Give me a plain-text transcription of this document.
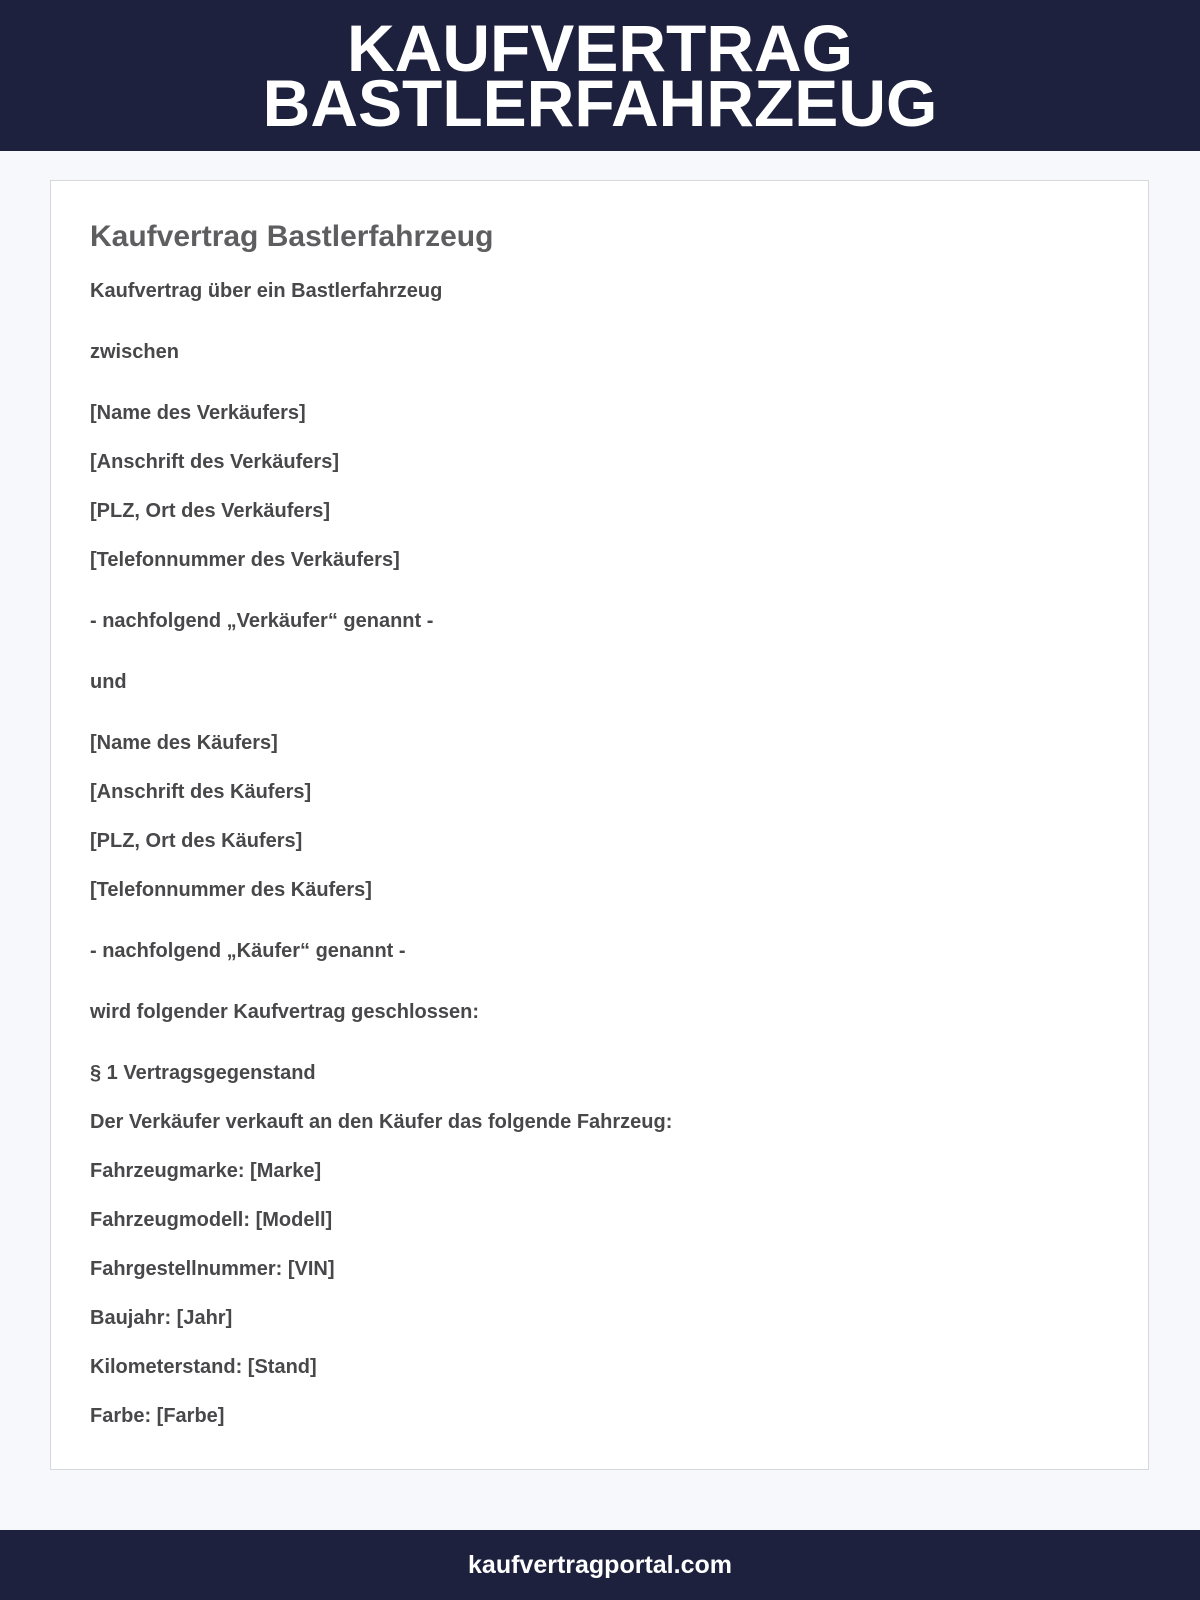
KAUFVERTRAG
BASTLERFAHRZEUG
Kaufvertrag Bastlerfahrzeug
Kaufvertrag über ein Bastlerfahrzeug
zwischen
[Name des Verkäufers]
[Anschrift des Verkäufers]
[PLZ, Ort des Verkäufers]
[Telefonnummer des Verkäufers]
- nachfolgend „Verkäufer“ genannt -
und
[Name des Käufers]
[Anschrift des Käufers]
[PLZ, Ort des Käufers]
[Telefonnummer des Käufers]
- nachfolgend „Käufer“ genannt -
wird folgender Kaufvertrag geschlossen:
§ 1 Vertragsgegenstand
Der Verkäufer verkauft an den Käufer das folgende Fahrzeug:
Fahrzeugmarke: [Marke]
Fahrzeugmodell: [Modell]
Fahrgestellnummer: [VIN]
Baujahr: [Jahr]
Kilometerstand: [Stand]
Farbe: [Farbe]
kaufvertragportal.com
